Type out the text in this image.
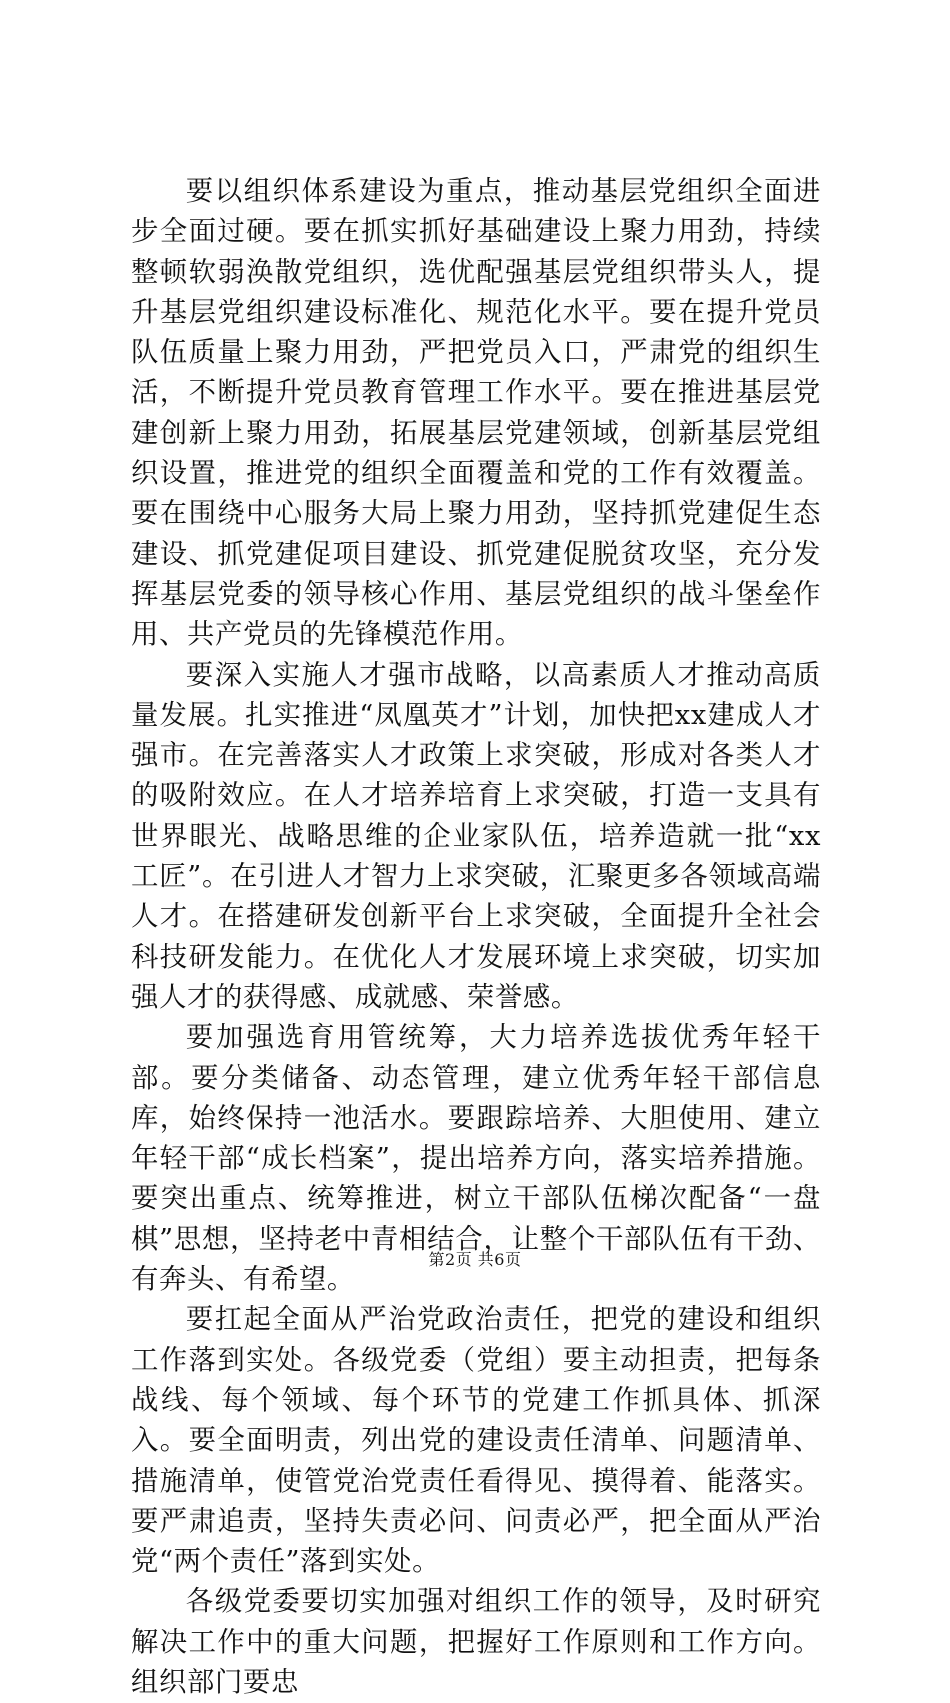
要以组织体系建设为重点，推动基层党组织全面进步全面过硬。要在抓实抓好基础建设上聚力用劲，持续整顿软弱涣散党组织，选优配强基层党组织带头人，提升基层党组织建设标准化、规范化水平。要在提升党员队伍质量上聚力用劲，严把党员入口，严肃党的组织生活，不断提升党员教育管理工作水平。要在推进基层党建创新上聚力用劲，拓展基层党建领域，创新基层党组织设置，推进党的组织全面覆盖和党的工作有效覆盖。要在围绕中心服务大局上聚力用劲，坚持抓党建促生态建设、抓党建促项目建设、抓党建促脱贫攻坚，充分发挥基层党委的领导核心作用、基层党组织的战斗堡垒作用、共产党员的先锋模范作用。

要深入实施人才强市战略，以高素质人才推动高质量发展。扎实推进“凤凰英才”计划，加快把xx建成人才强市。在完善落实人才政策上求突破，形成对各类人才的吸附效应。在人才培养培育上求突破，打造一支具有世界眼光、战略思维的企业家队伍，培养造就一批“xx工匠”。在引进人才智力上求突破，汇聚更多各领域高端人才。在搭建研发创新平台上求突破，全面提升全社会科技研发能力。在优化人才发展环境上求突破，切实加强人才的获得感、成就感、荣誉感。

要加强选育用管统筹，大力培养选拔优秀年轻干部。要分类储备、动态管理，建立优秀年轻干部信息库，始终保持一池活水。要跟踪培养、大胆使用、建立年轻干部“成长档案”，提出培养方向，落实培养措施。要突出重点、统筹推进，树立干部队伍梯次配备“一盘棋”思想，坚持老中青相结合，让整个干部队伍有干劲、有奔头、有希望。

要扛起全面从严治党政治责任，把党的建设和组织工作落到实处。各级党委（党组）要主动担责，把每条战线、每个领域、每个环节的党建工作抓具体、抓深入。要全面明责，列出党的建设责任清单、问题清单、措施清单，使管党治党责任看得见、摸得着、能落实。要严肃追责，坚持失责必问、问责必严，把全面从严治党“两个责任”落到实处。

各级党委要切实加强对组织工作的领导，及时研究解决工作中的重大问题，把握好工作原则和工作方向。组织部门要忠

第2页 共6页
